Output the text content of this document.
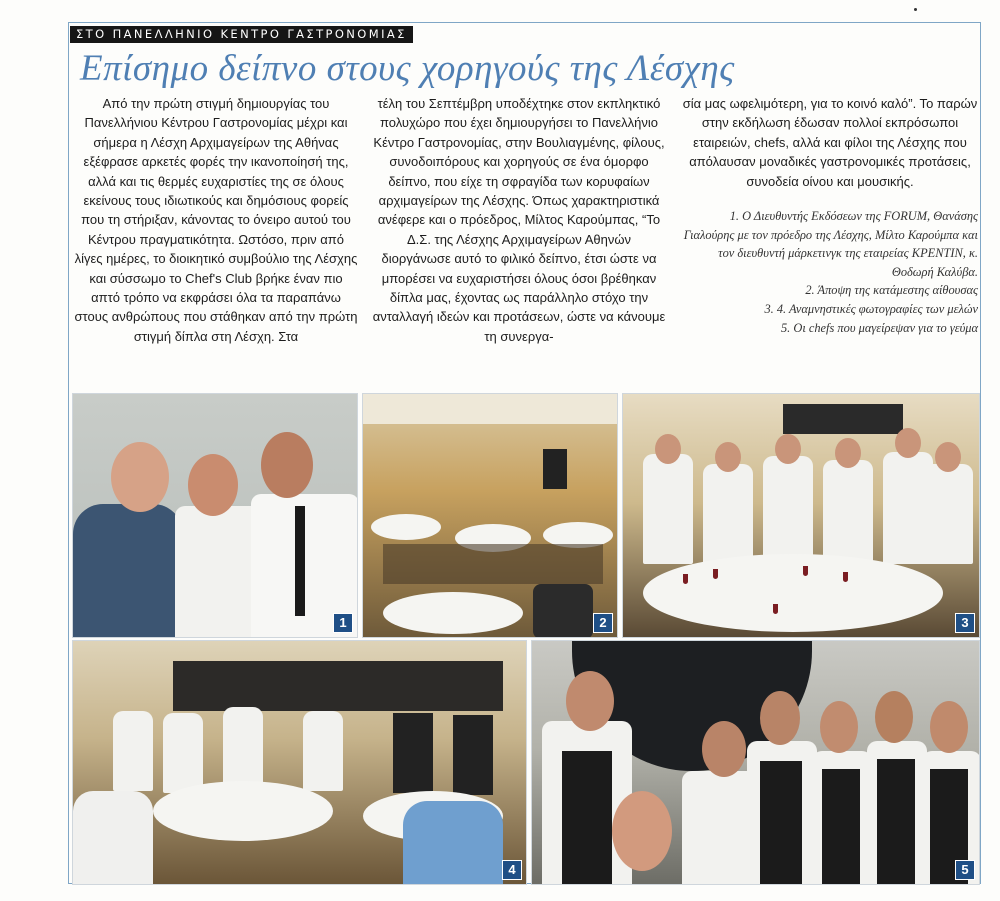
ΣΤΟ ΠΑΝΕΛΛΗΝΙΟ ΚΕΝΤΡΟ ΓΑΣΤΡΟΝΟΜΙΑΣ
Επίσημο δείπνο στους χορηγούς της Λέσχης

Από την πρώτη στιγμή δημιουργίας του Πανελλήνιου Κέντρου Γαστρονομίας μέχρι και σήμερα η Λέσχη Αρχιμαγείρων της Αθήνας εξέφρασε αρκετές φορές την ικανοποίησή της, αλλά και τις θερμές ευχαριστίες της σε όλους εκείνους τους ιδιωτικούς και δημόσιους φορείς που τη στήριξαν, κάνοντας το όνειρο αυτού του Κέντρου πραγματικότητα. Ωστόσο, πριν από λίγες ημέρες, το διοικητικό συμβούλιο της Λέσχης και σύσσωμο το Chef's Club βρήκε έναν πιο απτό τρόπο να εκφράσει όλα τα παραπάνω στους ανθρώπους που στάθηκαν από την πρώτη στιγμή δίπλα στη Λέσχη. Στα

τέλη του Σεπτέμβρη υποδέχτηκε στον εκπληκτικό πολυχώρο που έχει δημιουργήσει το Πανελλήνιο Κέντρο Γαστρονομίας, στην Βουλιαγμένης, φίλους, συνοδοιπόρους και χορηγούς σε ένα όμορφο δείπνο, που είχε τη σφραγίδα των κορυφαίων αρχιμαγείρων της Λέσχης. Όπως χαρακτηριστικά ανέφερε και ο πρόεδρος, Μίλτος Καρούμπας, “Το Δ.Σ. της Λέσχης Αρχιμαγείρων Αθηνών διοργάνωσε αυτό το φιλικό δείπνο, έτσι ώστε να μπορέσει να ευχαριστήσει όλους όσοι βρέθηκαν δίπλα μας, έχοντας ως παράλληλο στόχο την ανταλλαγή ιδεών και προτάσεων, ώστε να κάνουμε τη συνεργα-

σία μας ωφελιμότερη, για το κοινό καλό”. Το παρών στην εκδήλωση έδωσαν πολλοί εκπρόσωποι εταιρειών, chefs, αλλά και φίλοι της Λέσχης που απόλαυσαν μοναδικές γαστρονομικές προτάσεις, συνοδεία οίνου και μουσικής.

1. Ο Διευθυντής Εκδόσεων της FORUM, Θανάσης Γιαλούρης με τον πρόεδρο της Λέσχης, Μίλτο Καρούμπα και τον διευθυντή μάρκετινγκ της εταιρείας ΚΡΕΝΤΙΝ, κ. Θοδωρή Καλύβα.

2. Άποψη της κατάμεστης αίθουσας

3. 4. Αναμνηστικές φωτογραφίες των μελών

5. Οι chefs που μαγείρεψαν για το γεύμα

1	2	3
4	5
